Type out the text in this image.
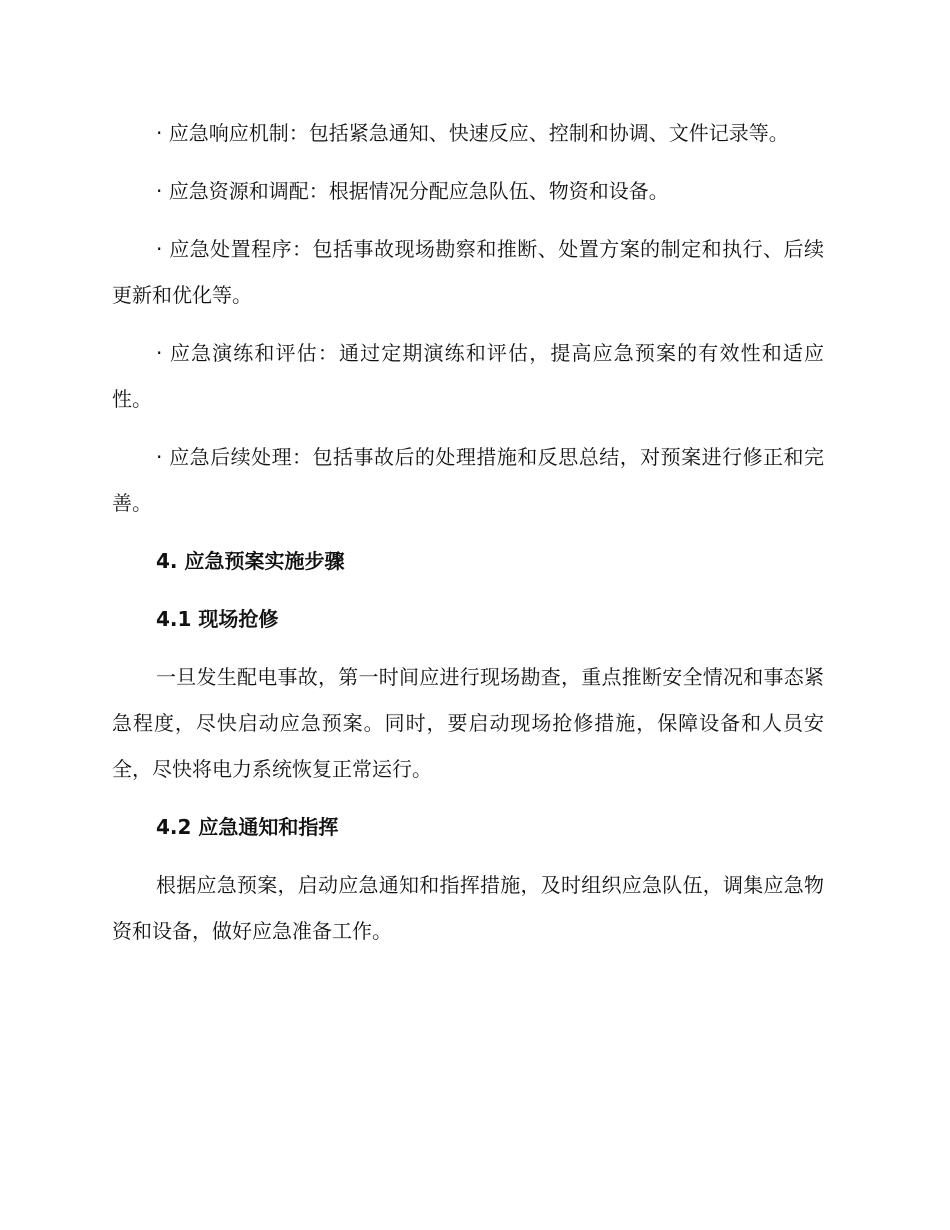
· 应急响应机制：包括紧急通知、快速反应、控制和协调、文件记录等。

· 应急资源和调配：根据情况分配应急队伍、物资和设备。

· 应急处置程序：包括事故现场勘察和推断、处置方案的制定和执行、后续更新和优化等。

· 应急演练和评估：通过定期演练和评估，提高应急预案的有效性和适应性。

· 应急后续处理：包括事故后的处理措施和反思总结，对预案进行修正和完善。

4. 应急预案实施步骤
4.1 现场抢修

一旦发生配电事故，第一时间应进行现场勘查，重点推断安全情况和事态紧急程度，尽快启动应急预案。同时，要启动现场抢修措施，保障设备和人员安全，尽快将电力系统恢复正常运行。

4.2 应急通知和指挥

根据应急预案，启动应急通知和指挥措施，及时组织应急队伍，调集应急物资和设备，做好应急准备工作。
